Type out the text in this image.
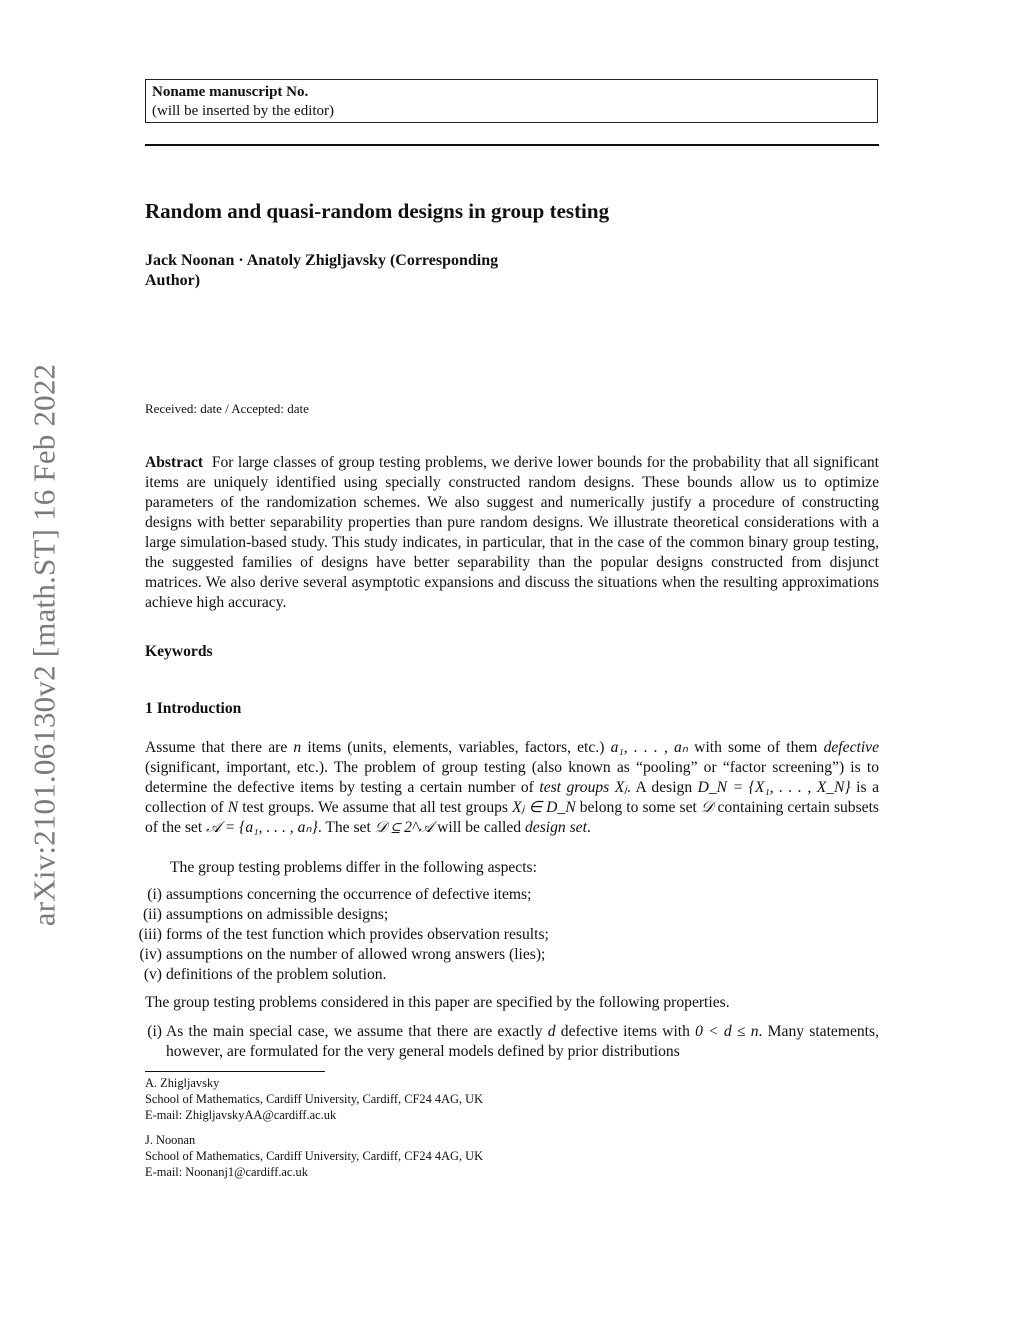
arXiv:2101.06130v2 [math.ST] 16 Feb 2022
Noname manuscript No.
(will be inserted by the editor)
Random and quasi-random designs in group testing
Jack Noonan · Anatoly Zhigljavsky (Corresponding
Author)
Received: date / Accepted: date
Abstract For large classes of group testing problems, we derive lower bounds for the probability that all significant items are uniquely identified using specially constructed random designs. These bounds allow us to optimize parameters of the randomization schemes. We also suggest and numerically justify a procedure of constructing designs with better separability properties than pure random designs. We illustrate theoretical considerations with a large simulation-based study. This study indicates, in particular, that in the case of the common binary group testing, the suggested families of designs have better separability than the popular designs constructed from disjunct matrices. We also derive several asymptotic expansions and discuss the situations when the resulting approximations achieve high accuracy.
Keywords
1 Introduction
Assume that there are n items (units, elements, variables, factors, etc.) a₁, . . . , aₙ with some of them defective (significant, important, etc.). The problem of group testing (also known as “pooling” or “factor screening”) is to determine the defective items by testing a certain number of test groups Xⱼ. A design D_N = {X₁, . . . , X_N} is a collection of N test groups. We assume that all test groups Xⱼ ∈ D_N belong to some set 𝒟 containing certain subsets of the set 𝒜 = {a₁, . . . , aₙ}. The set 𝒟 ⊆ 2^𝒜 will be called design set.
The group testing problems differ in the following aspects:
(i) assumptions concerning the occurrence of defective items;
(ii) assumptions on admissible designs;
(iii) forms of the test function which provides observation results;
(iv) assumptions on the number of allowed wrong answers (lies);
(v) definitions of the problem solution.
The group testing problems considered in this paper are specified by the following properties.
(i) As the main special case, we assume that there are exactly d defective items with 0 < d ≤ n. Many statements, however, are formulated for the very general models defined by prior distributions
A. Zhigljavsky
School of Mathematics, Cardiff University, Cardiff, CF24 4AG, UK
E-mail: ZhigljavskyAA@cardiff.ac.uk
J. Noonan
School of Mathematics, Cardiff University, Cardiff, CF24 4AG, UK
E-mail: Noonanj1@cardiff.ac.uk
